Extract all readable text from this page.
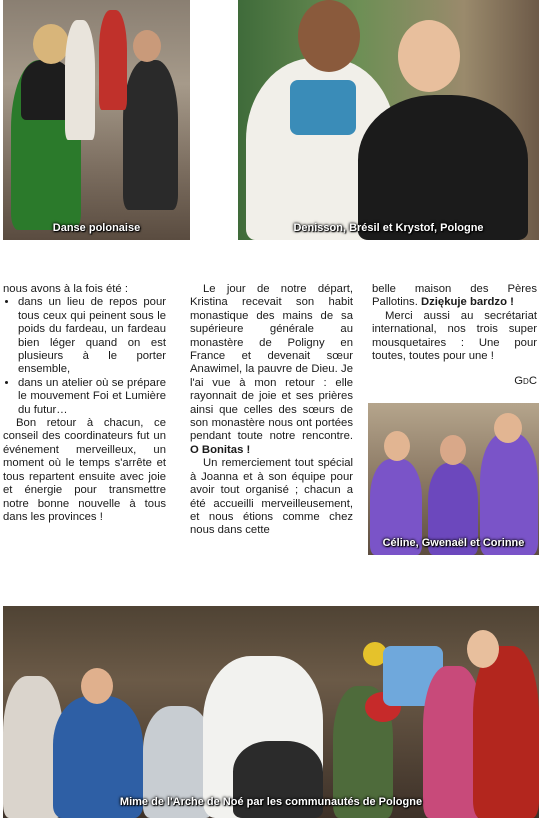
Danse polonaise	Denisson, Brésil et Krystof, Pologne

nous avons à la fois été :

• dans un lieu de repos pour tous ceux qui peinent sous le poids du fardeau, un fardeau bien léger quand on est plusieurs à le porter ensemble,
• dans un atelier où se prépare le mouvement Foi et Lumière du futur…

Bon retour à chacun, ce conseil des coordinateurs fut un événement merveilleux, un moment où le temps s'arrête et tous repartent ensuite avec joie et énergie pour transmettre notre bonne nouvelle à tous dans les provinces !

Le jour de notre départ, Kristina recevait son habit monastique des mains de sa supérieure générale au monastère de Poligny en France et devenait sœur Anawimel, la pauvre de Dieu. Je l'ai vue à mon retour : elle rayonnait de joie et ses prières ainsi que celles des sœurs de son monastère nous ont portées pendant toute notre rencontre. O Bonitas !

Un remerciement tout spécial à Joanna et à son équipe pour avoir tout organisé ; chacun a été accueilli merveilleusement, et nous étions comme chez nous dans cette

belle maison des Pères Pallotins. Dziękuje bardzo !

Merci aussi au secrétariat international, nos trois super mousquetaires : Une pour toutes, toutes pour une !

GdC
Céline, Gwenaël et Corinne
Mime de l'Arche de Noé par les communautés de Pologne
